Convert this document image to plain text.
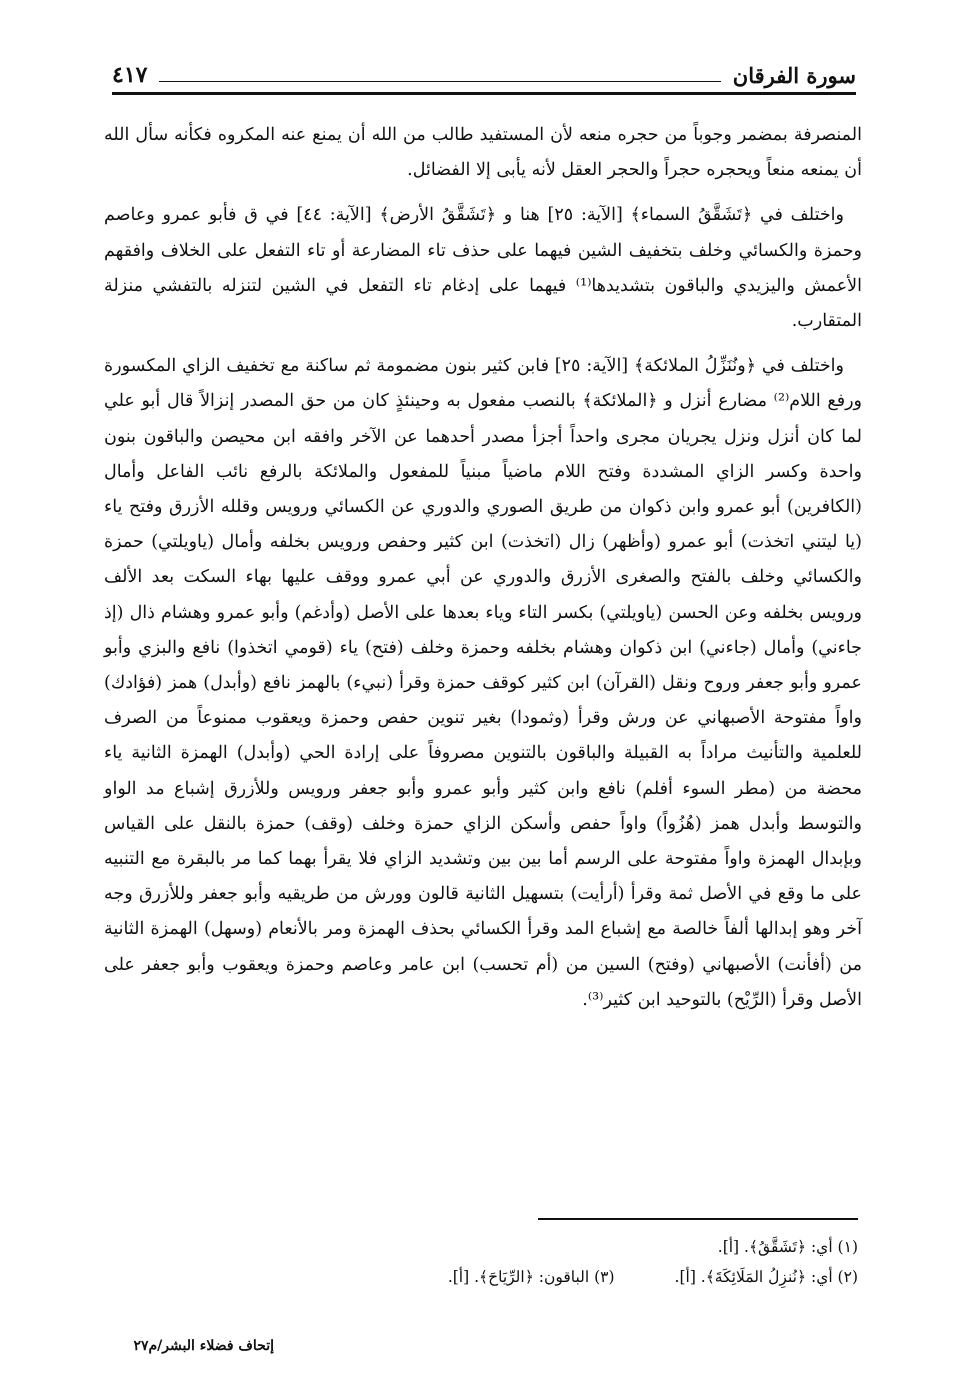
سورة الفرقان
٤١٧

المنصرفة بمضمر وجوباً من حجره منعه لأن المستفيد طالب من الله أن يمنع عنه المكروه فكأنه سأل الله أن يمنعه منعاً ويحجره حجراً والحجر العقل لأنه يأبى إلا الفضائل.

واختلف في ﴿تَشَقَّقُ السماء﴾ [الآية: ٢٥] هنا و ﴿تَشَقَّقُ الأرض﴾ [الآية: ٤٤] في ق فأبو عمرو وعاصم وحمزة والكسائي وخلف بتخفيف الشين فيهما على حذف تاء المضارعة أو تاء التفعل على الخلاف وافقهم الأعمش واليزيدي والباقون بتشديدها⁽¹⁾ فيهما على إدغام تاء التفعل في الشين لتنزله بالتفشي منزلة المتقارب.

واختلف في ﴿ونُنَزِّلُ الملائكة﴾ [الآية: ٢٥] فابن كثير بنون مضمومة ثم ساكنة مع تخفيف الزاي المكسورة ورفع اللام⁽²⁾ مضارع أنزل و ﴿الملائكة﴾ بالنصب مفعول به وحينئذٍ كان من حق المصدر إنزالاً قال أبو علي لما كان أنزل ونزل يجريان مجرى واحداً أجزأ مصدر أحدهما عن الآخر وافقه ابن محيصن والباقون بنون واحدة وكسر الزاي المشددة وفتح اللام ماضياً مبنياً للمفعول والملائكة بالرفع نائب الفاعل وأمال (الكافرين) أبو عمرو وابن ذكوان من طريق الصوري والدوري عن الكسائي ورويس وقلله الأزرق وفتح ياء (يا ليتني اتخذت) أبو عمرو (وأظهر) زال (اتخذت) ابن كثير وحفص ورويس بخلفه وأمال (ياويلتي) حمزة والكسائي وخلف بالفتح والصغرى الأزرق والدوري عن أبي عمرو ووقف عليها بهاء السكت بعد الألف ورويس بخلفه وعن الحسن (ياويلتي) بكسر التاء وياء بعدها على الأصل (وأدغم) وأبو عمرو وهشام ذال (إذ جاءني) وأمال (جاءني) ابن ذكوان وهشام بخلفه وحمزة وخلف (فتح) ياء (قومي اتخذوا) نافع والبزي وأبو عمرو وأبو جعفر وروح ونقل (القرآن) ابن كثير كوقف حمزة وقرأ (نبيء) بالهمز نافع (وأبدل) همز (فؤادك) واواً مفتوحة الأصبهاني عن ورش وقرأ (وثمودا) بغير تنوين حفص وحمزة ويعقوب ممنوعاً من الصرف للعلمية والتأنيث مراداً به القبيلة والباقون بالتنوين مصروفاً على إرادة الحي (وأبدل) الهمزة الثانية ياء محضة من (مطر السوء أفلم) نافع وابن كثير وأبو عمرو وأبو جعفر ورويس وللأزرق إشباع مد الواو والتوسط وأبدل همز (هُزُواً) واواً حفص وأسكن الزاي حمزة وخلف (وقف) حمزة بالنقل على القياس وبإبدال الهمزة واواً مفتوحة على الرسم أما بين بين وتشديد الزاي فلا يقرأ بهما كما مر بالبقرة مع التنبيه على ما وقع في الأصل ثمة وقرأ (أرأيت) بتسهيل الثانية قالون وورش من طريقيه وأبو جعفر وللأزرق وجه آخر وهو إبدالها ألفاً خالصة مع إشباع المد وقرأ الكسائي بحذف الهمزة ومر بالأنعام (وسهل) الهمزة الثانية من (أفأنت) الأصبهاني (وفتح) السين من (أم تحسب) ابن عامر وعاصم وحمزة ويعقوب وأبو جعفر على الأصل وقرأ (الرِّيْح) بالتوحيد ابن كثير⁽³⁾.

(١) أي: ﴿تَشَقَّقُ﴾. [أ].
(٢) أي: ﴿نُنزِلُ المَلَائِكَةَ﴾. [أ].
(٣) الباقون: ﴿الرِّيَاحَ﴾. [أ].
إتحاف فضلاء البشر/م٢٧
